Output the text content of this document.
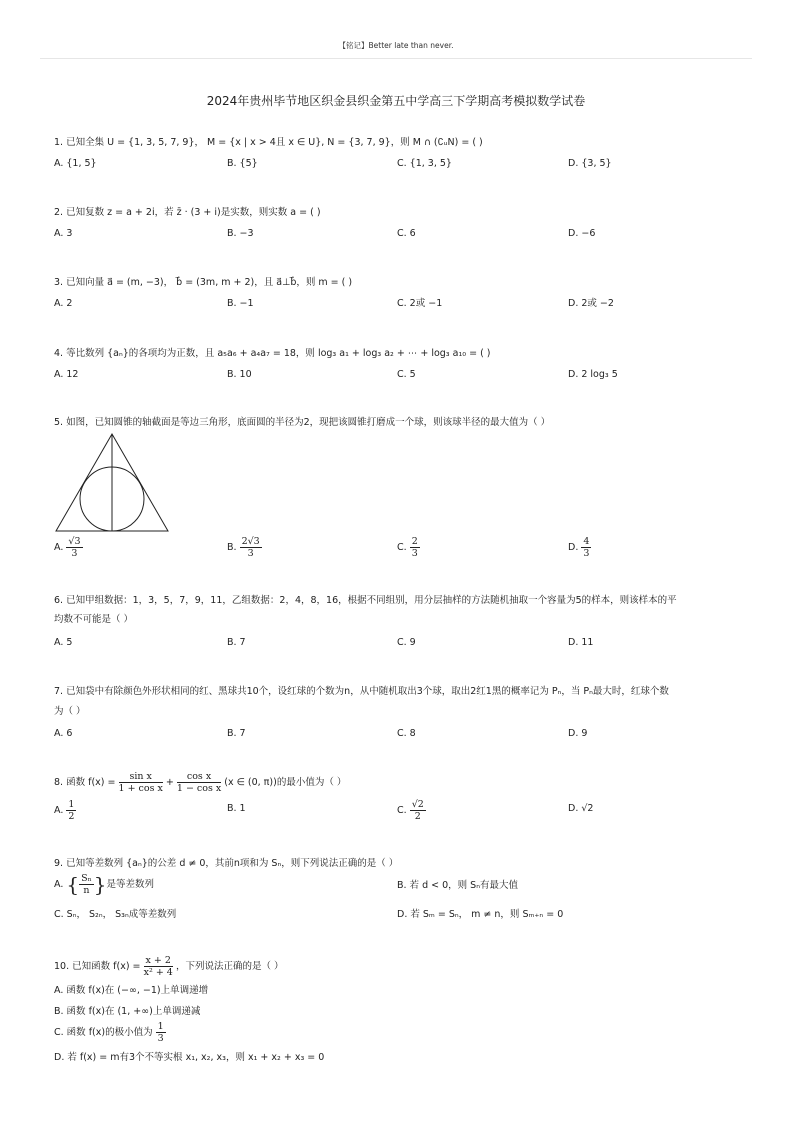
【铭记】Better late than never.
2024年贵州毕节地区织金县织金第五中学高三下学期高考模拟数学试卷
1. 已知全集 U = {1, 3, 5, 7, 9}， M = {x | x > 4且 x ∈ U}, N = {3, 7, 9}，则 M ∩ (∁ᵤN) = ( )
A. {1, 5}	B. {5}	C. {1, 3, 5}	D. {3, 5}
2. 已知复数 z = a + 2i，若 z̄ · (3 + i)是实数，则实数 a = ( )
A. 3	B. −3	C. 6	D. −6
3. 已知向量 a⃗ = (m, −3)， b⃗ = (3m, m + 2)，且 a⃗⊥b⃗，则 m = ( )
A. 2	B. −1	C. 2或 −1	D. 2或 −2
4. 等比数列 {aₙ}的各项均为正数，且 a₅a₆ + a₄a₇ = 18，则 log₃ a₁ + log₃ a₂ + ⋯ + log₃ a₁₀ = ( )
A. 12	B. 10	C. 5	D. 2 log₃ 5
5. 如图，已知圆锥的轴截面是等边三角形，底面圆的半径为2，现把该圆锥打磨成一个球，则该球半径的最大值为（ ）
A. $\frac{√3}{3}$	B. $\frac{2√3}{3}$	C. $\frac{2}{3}$	D. $\frac{4}{3}$
6. 已知甲组数据：1，3，5，7，9，11，乙组数据：2，4，8，16，根据不同组别，用分层抽样的方法随机抽取一个容量为5的样本，则该样本的平
均数不可能是（ ）
A. 5	B. 7	C. 9	D. 11
7. 已知袋中有除颜色外形状相同的红、黑球共10个，设红球的个数为n，从中随机取出3个球，取出2红1黑的概率记为 Pₙ，当 Pₙ最大时，红球个数
为（ ）
A. 6	B. 7	C. 8	D. 9
8. 函数 $f(x) = \frac{\text{sin x}}{\text{1 + cos x}} + \frac{\text{cos x}}{\text{1 − cos x}} (x$ ∈ (0, π))的最小值为（ ）
A. $\frac{1}{2}$	B. 1	C. $\frac{√2}{2}$	D. √2
9. 已知等差数列 {aₙ}的公差 d ≠ 0，其前n项和为 Sₙ，则下列说法正确的是（ ）
A. { $\frac{\text{Sₙ}}{n}$ }是等差数列	B. 若 d < 0，则 Sₙ有最大值
C. Sₙ， S₂ₙ， S₃ₙ成等差数列	D. 若 Sₘ = Sₙ， m ≠ n，则 Sₘ₊ₙ = 0
10. 已知函数 $f(x) = \frac{x + 2}{\text{x² + 4}}$ ，下列说法正确的是（ ）
A. 函数 f(x)在 (−∞, −1)上单调递增
B. 函数 f(x)在 (1, +∞)上单调递减
C. 函数 f(x)的极小值为 $\frac{1}{3}$
D. 若 f(x) = m有3个不等实根 x₁, x₂, x₃，则 x₁ + x₂ + x₃ = 0
